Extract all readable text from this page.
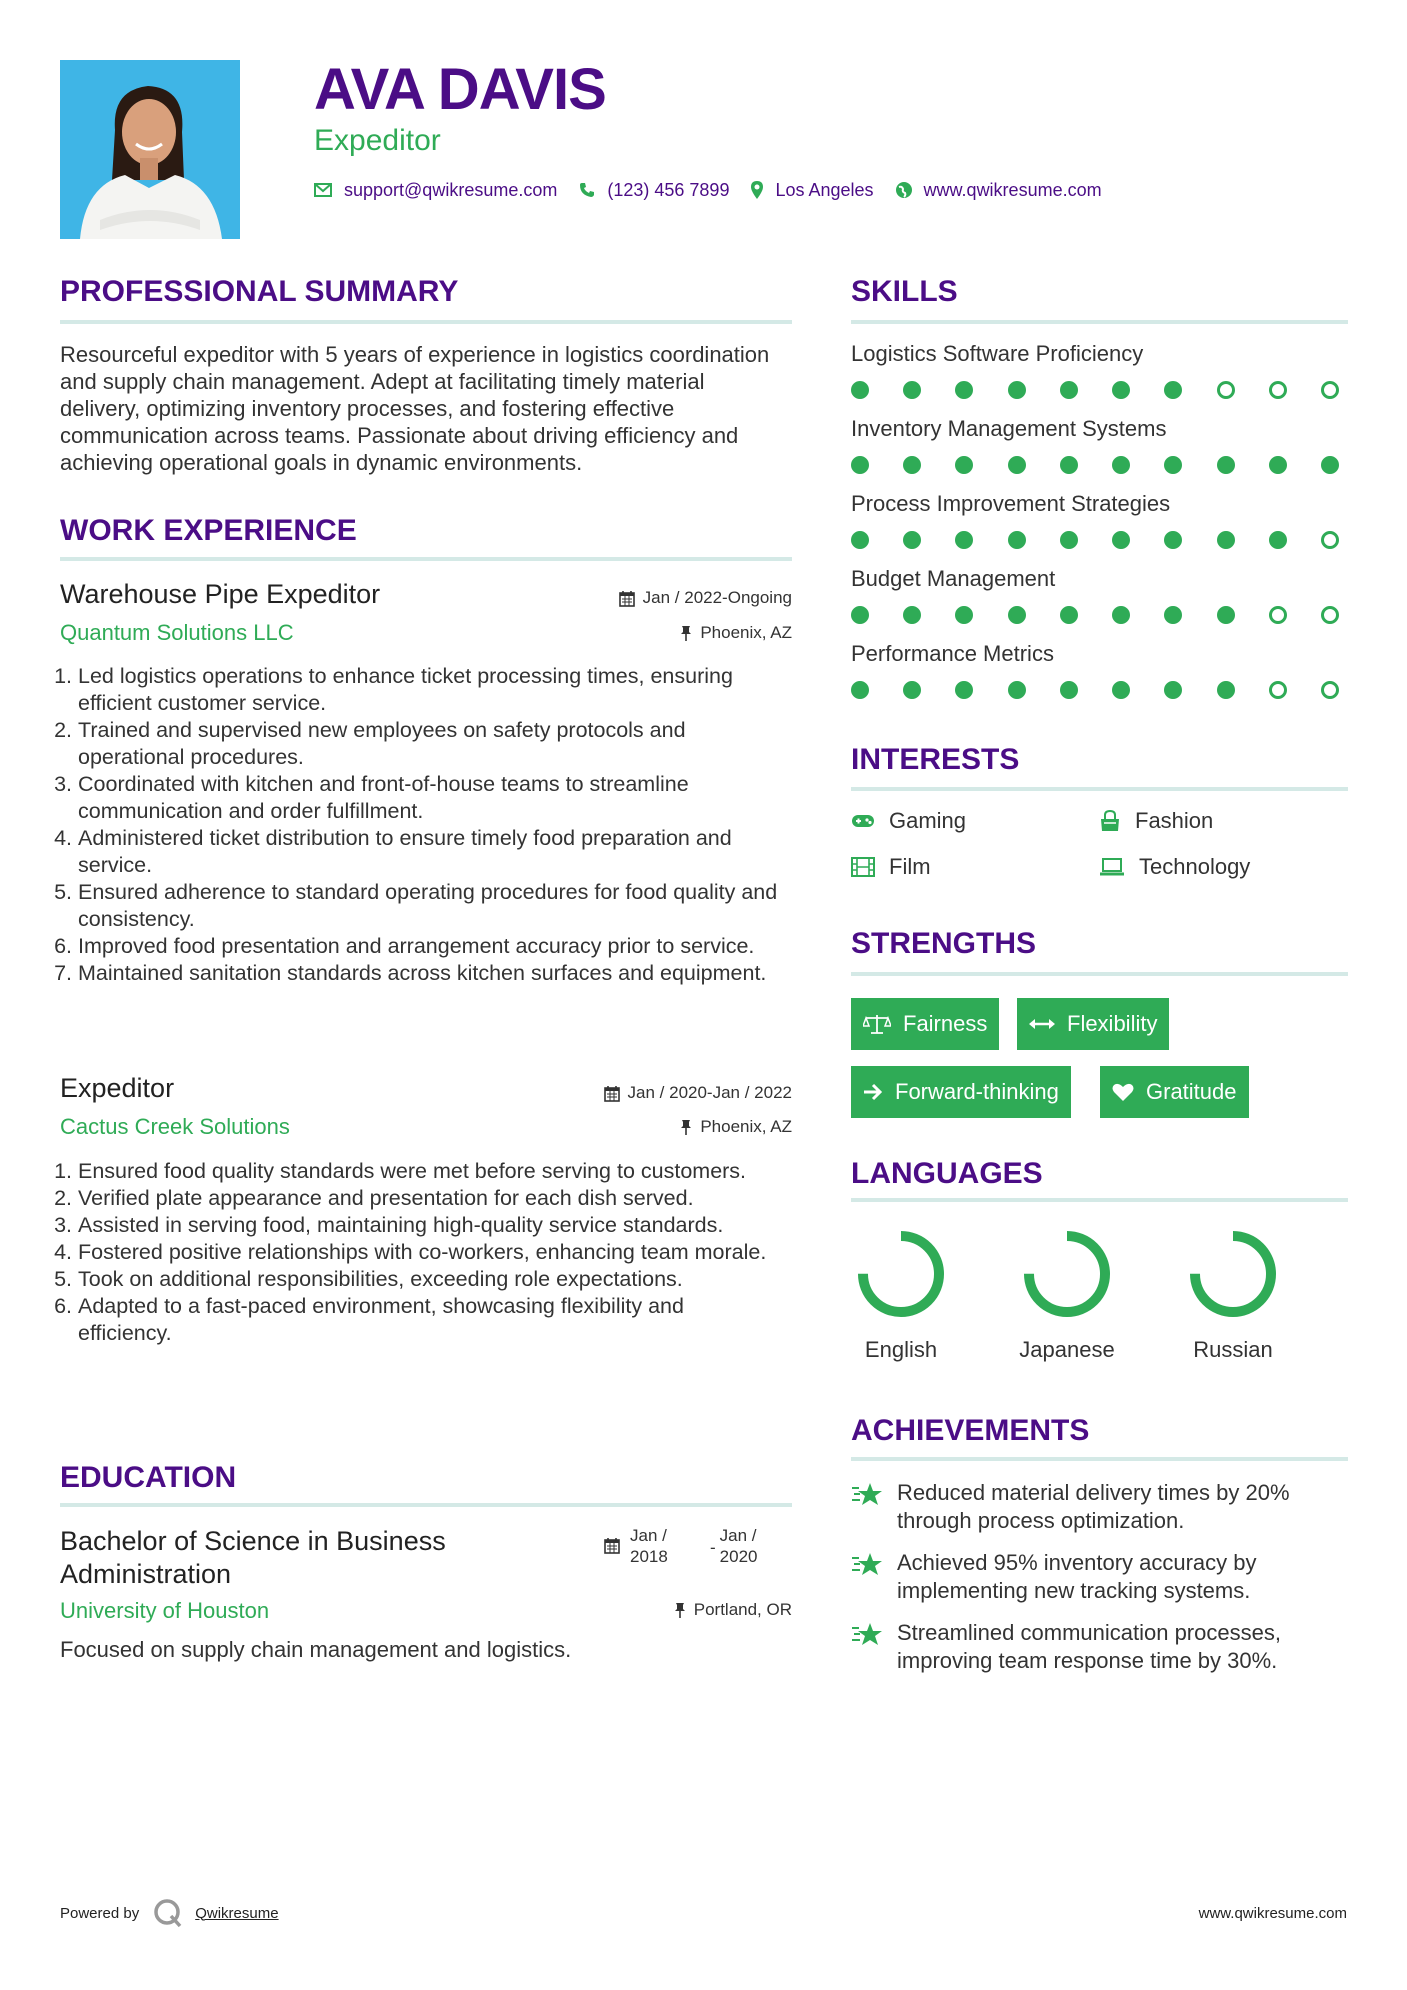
AVA DAVIS
Expeditor
support@qwikresume.com	(123) 456 7899	Los Angeles	www.qwikresume.com
PROFESSIONAL SUMMARY
Resourceful expeditor with 5 years of experience in logistics coordination and supply chain management. Adept at facilitating timely material delivery, optimizing inventory processes, and fostering effective communication across teams. Passionate about driving efficiency and achieving operational goals in dynamic environments.
WORK EXPERIENCE
Warehouse Pipe Expeditor	Jan / 2022-Ongoing
Quantum Solutions LLC	Phoenix, AZ
1. Led logistics operations to enhance ticket processing times, ensuring efficient customer service.
2. Trained and supervised new employees on safety protocols and operational procedures.
3. Coordinated with kitchen and front-of-house teams to streamline communication and order fulfillment.
4. Administered ticket distribution to ensure timely food preparation and service.
5. Ensured adherence to standard operating procedures for food quality and consistency.
6. Improved food presentation and arrangement accuracy prior to service.
7. Maintained sanitation standards across kitchen surfaces and equipment.
Expeditor	Jan / 2020-Jan / 2022
Cactus Creek Solutions	Phoenix, AZ
1. Ensured food quality standards were met before serving to customers.
2. Verified plate appearance and presentation for each dish served.
3. Assisted in serving food, maintaining high-quality service standards.
4. Fostered positive relationships with co-workers, enhancing team morale.
5. Took on additional responsibilities, exceeding role expectations.
6. Adapted to a fast-paced environment, showcasing flexibility and efficiency.
EDUCATION
Bachelor of Science in Business Administration
Jan / 2018	-
Jan / 2020
University of Houston	Portland, OR
Focused on supply chain management and logistics.
SKILLS
Logistics Software Proficiency
Inventory Management Systems
Process Improvement Strategies
Budget Management
Performance Metrics
INTERESTS
Gaming	Fashion
Film	Technology
STRENGTHS
Fairness	Flexibility
Forward-thinking	Gratitude
LANGUAGES
English	Japanese	Russian
ACHIEVEMENTS
Reduced material delivery times by 20% through process optimization.
Achieved 95% inventory accuracy by implementing new tracking systems.
Streamlined communication processes, improving team response time by 30%.
Powered by	Qwikresume	www.qwikresume.com
